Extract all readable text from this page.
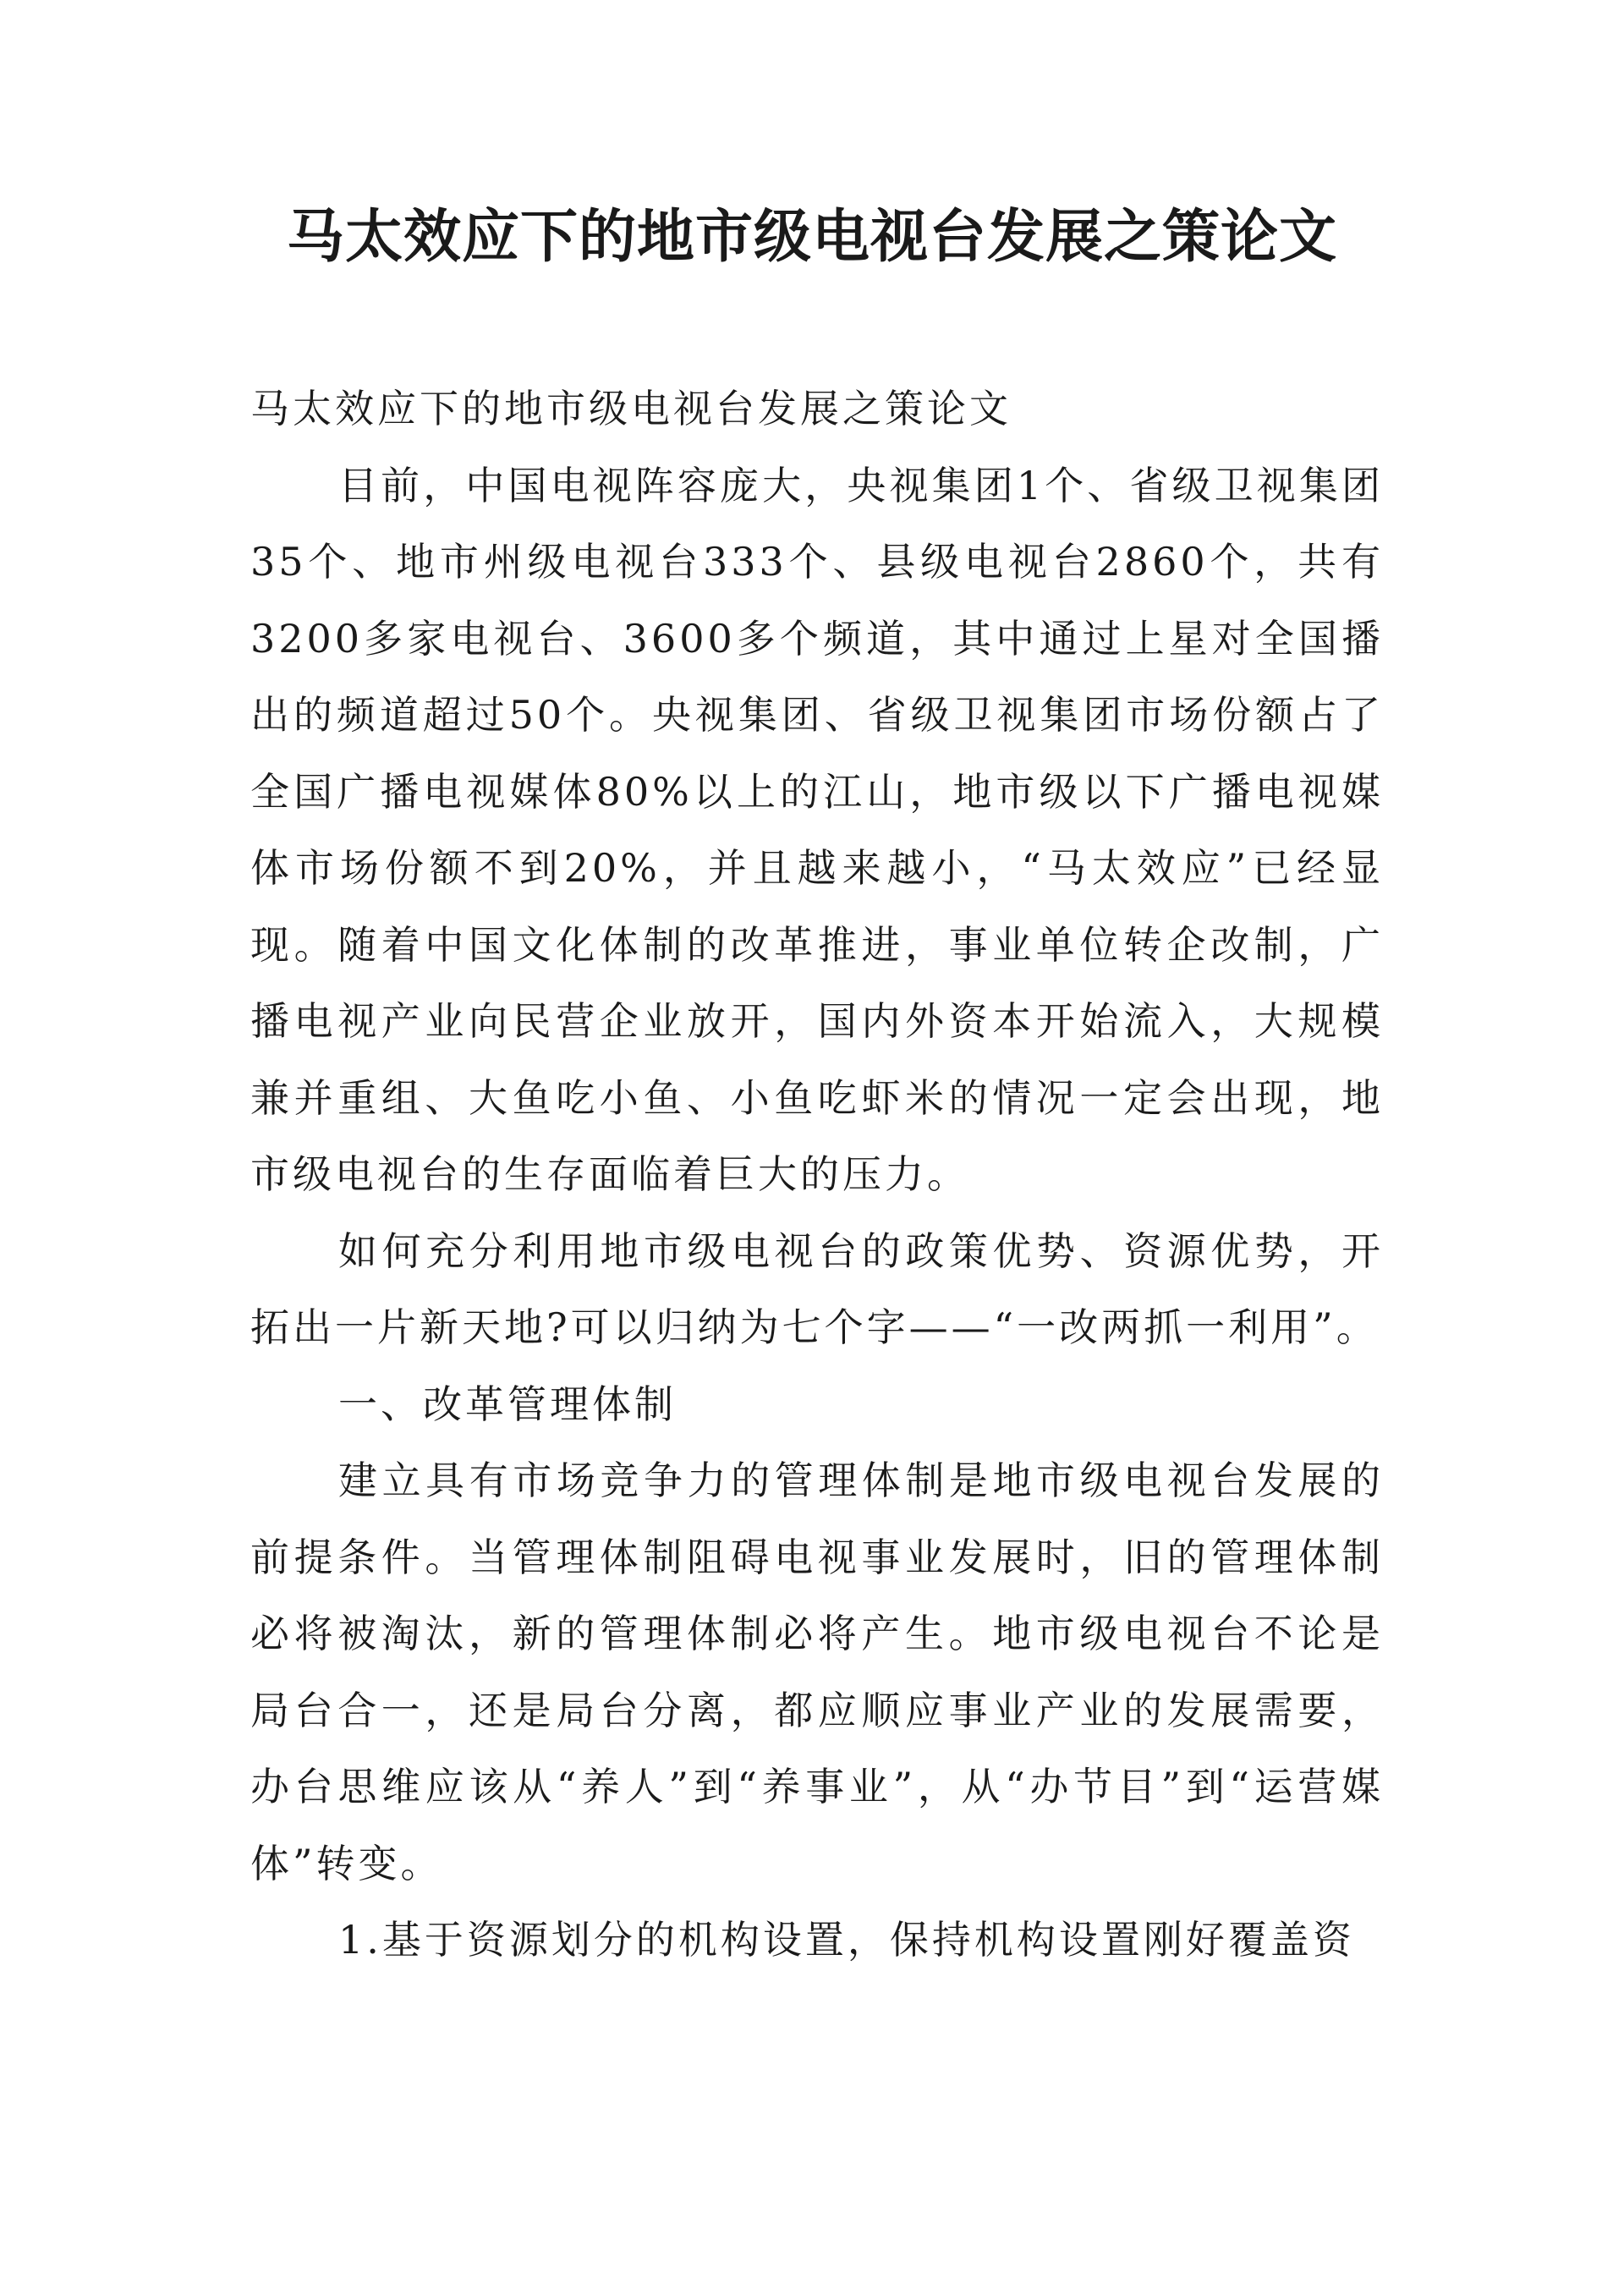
马太效应下的地市级电视台发展之策论文

马太效应下的地市级电视台发展之策论文

目前，中国电视阵容庞大，央视集团1个、省级卫视集团35个、地市州级电视台333个、县级电视台2860个，共有3200多家电视台、3600多个频道，其中通过上星对全国播出的频道超过50个。央视集团、省级卫视集团市场份额占了全国广播电视媒体80%以上的江山，地市级以下广播电视媒体市场份额不到20%，并且越来越小，“马太效应”已经显现。随着中国文化体制的改革推进，事业单位转企改制，广播电视产业向民营企业放开，国内外资本开始流入，大规模兼并重组、大鱼吃小鱼、小鱼吃虾米的情况一定会出现，地市级电视台的生存面临着巨大的压力。

如何充分利用地市级电视台的政策优势、资源优势，开拓出一片新天地?可以归纳为七个字——“一改两抓一利用”。

一、改革管理体制

建立具有市场竞争力的管理体制是地市级电视台发展的前提条件。当管理体制阻碍电视事业发展时，旧的管理体制必将被淘汰，新的管理体制必将产生。地市级电视台不论是局台合一，还是局台分离，都应顺应事业产业的发展需要，办台思维应该从“养人”到“养事业”，从“办节目”到“运营媒体”转变。

1.基于资源划分的机构设置，保持机构设置刚好覆盖资
